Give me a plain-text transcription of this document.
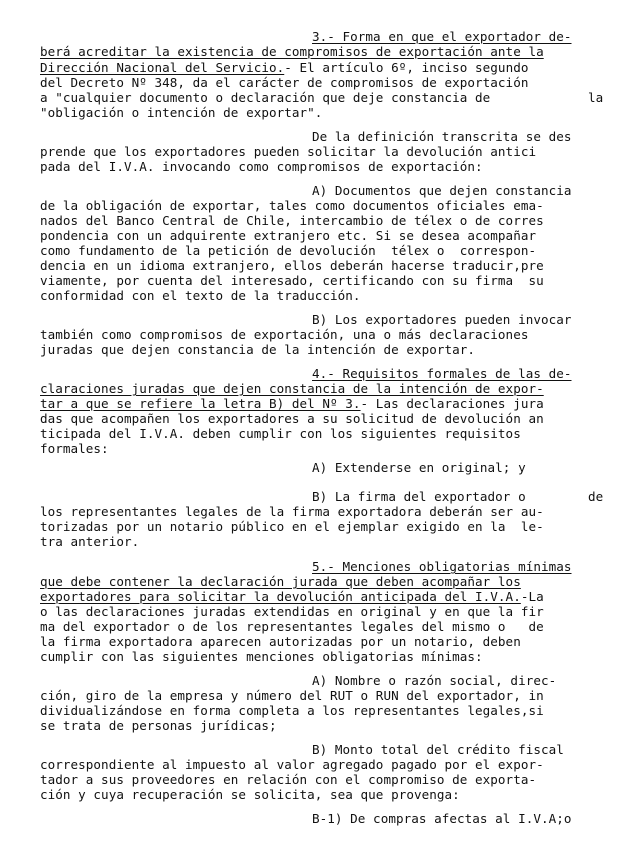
3.- Forma en que el exportador de-
berá acreditar la existencia de compromisos de exportación ante la
Dirección Nacional del Servicio.- El artículo 6º, inciso segundo
del Decreto Nº 348, da el carácter de compromisos de exportación
a "cualquier documento o declaración que deje constancia de	la
"obligación o intención de exportar".
De la definición transcrita se des
prende que los exportadores pueden solicitar la devolución antici
pada del I.V.A. invocando como compromisos de exportación:
A) Documentos que dejen constancia
de la obligación de exportar, tales como documentos oficiales ema-
nados del Banco Central de Chile, intercambio de télex o de corres
pondencia con un adquirente extranjero etc. Si se desea acompañar
como fundamento de la petición de devolución  télex o  correspon-
dencia en un idioma extranjero, ellos deberán hacerse traducir,pre
viamente, por cuenta del interesado, certificando con su firma  su
conformidad con el texto de la traducción.
B) Los exportadores pueden invocar
también como compromisos de exportación, una o más declaraciones
juradas que dejen constancia de la intención de exportar.
4.- Requisitos formales de las de-
claraciones juradas que dejen constancia de la intención de expor-
tar a que se refiere la letra B) del Nº 3.- Las declaraciones jura
das que acompañen los exportadores a su solicitud de devolución an
ticipada del I.V.A. deben cumplir con los siguientes requisitos
formales:
A) Extenderse en original; y
B) La firma del exportador o	de
los representantes legales de la firma exportadora deberán ser au-
torizadas por un notario público en el ejemplar exigido en la  le-
tra anterior.
5.- Menciones obligatorias mínimas
que debe contener la declaración jurada que deben acompañar los
exportadores para solicitar la devolución anticipada del I.V.A.-La
o las declaraciones juradas extendidas en original y en que la fir
ma del exportador o de los representantes legales del mismo o   de
la firma exportadora aparecen autorizadas por un notario, deben
cumplir con las siguientes menciones obligatorias mínimas:
A) Nombre o razón social, direc-
ción, giro de la empresa y número del RUT o RUN del exportador, in
dividualizándose en forma completa a los representantes legales,si
se trata de personas jurídicas;
B) Monto total del crédito fiscal
correspondiente al impuesto al valor agregado pagado por el expor-
tador a sus proveedores en relación con el compromiso de exporta-
ción y cuya recuperación se solicita, sea que provenga:
B-1) De compras afectas al I.V.A;o
